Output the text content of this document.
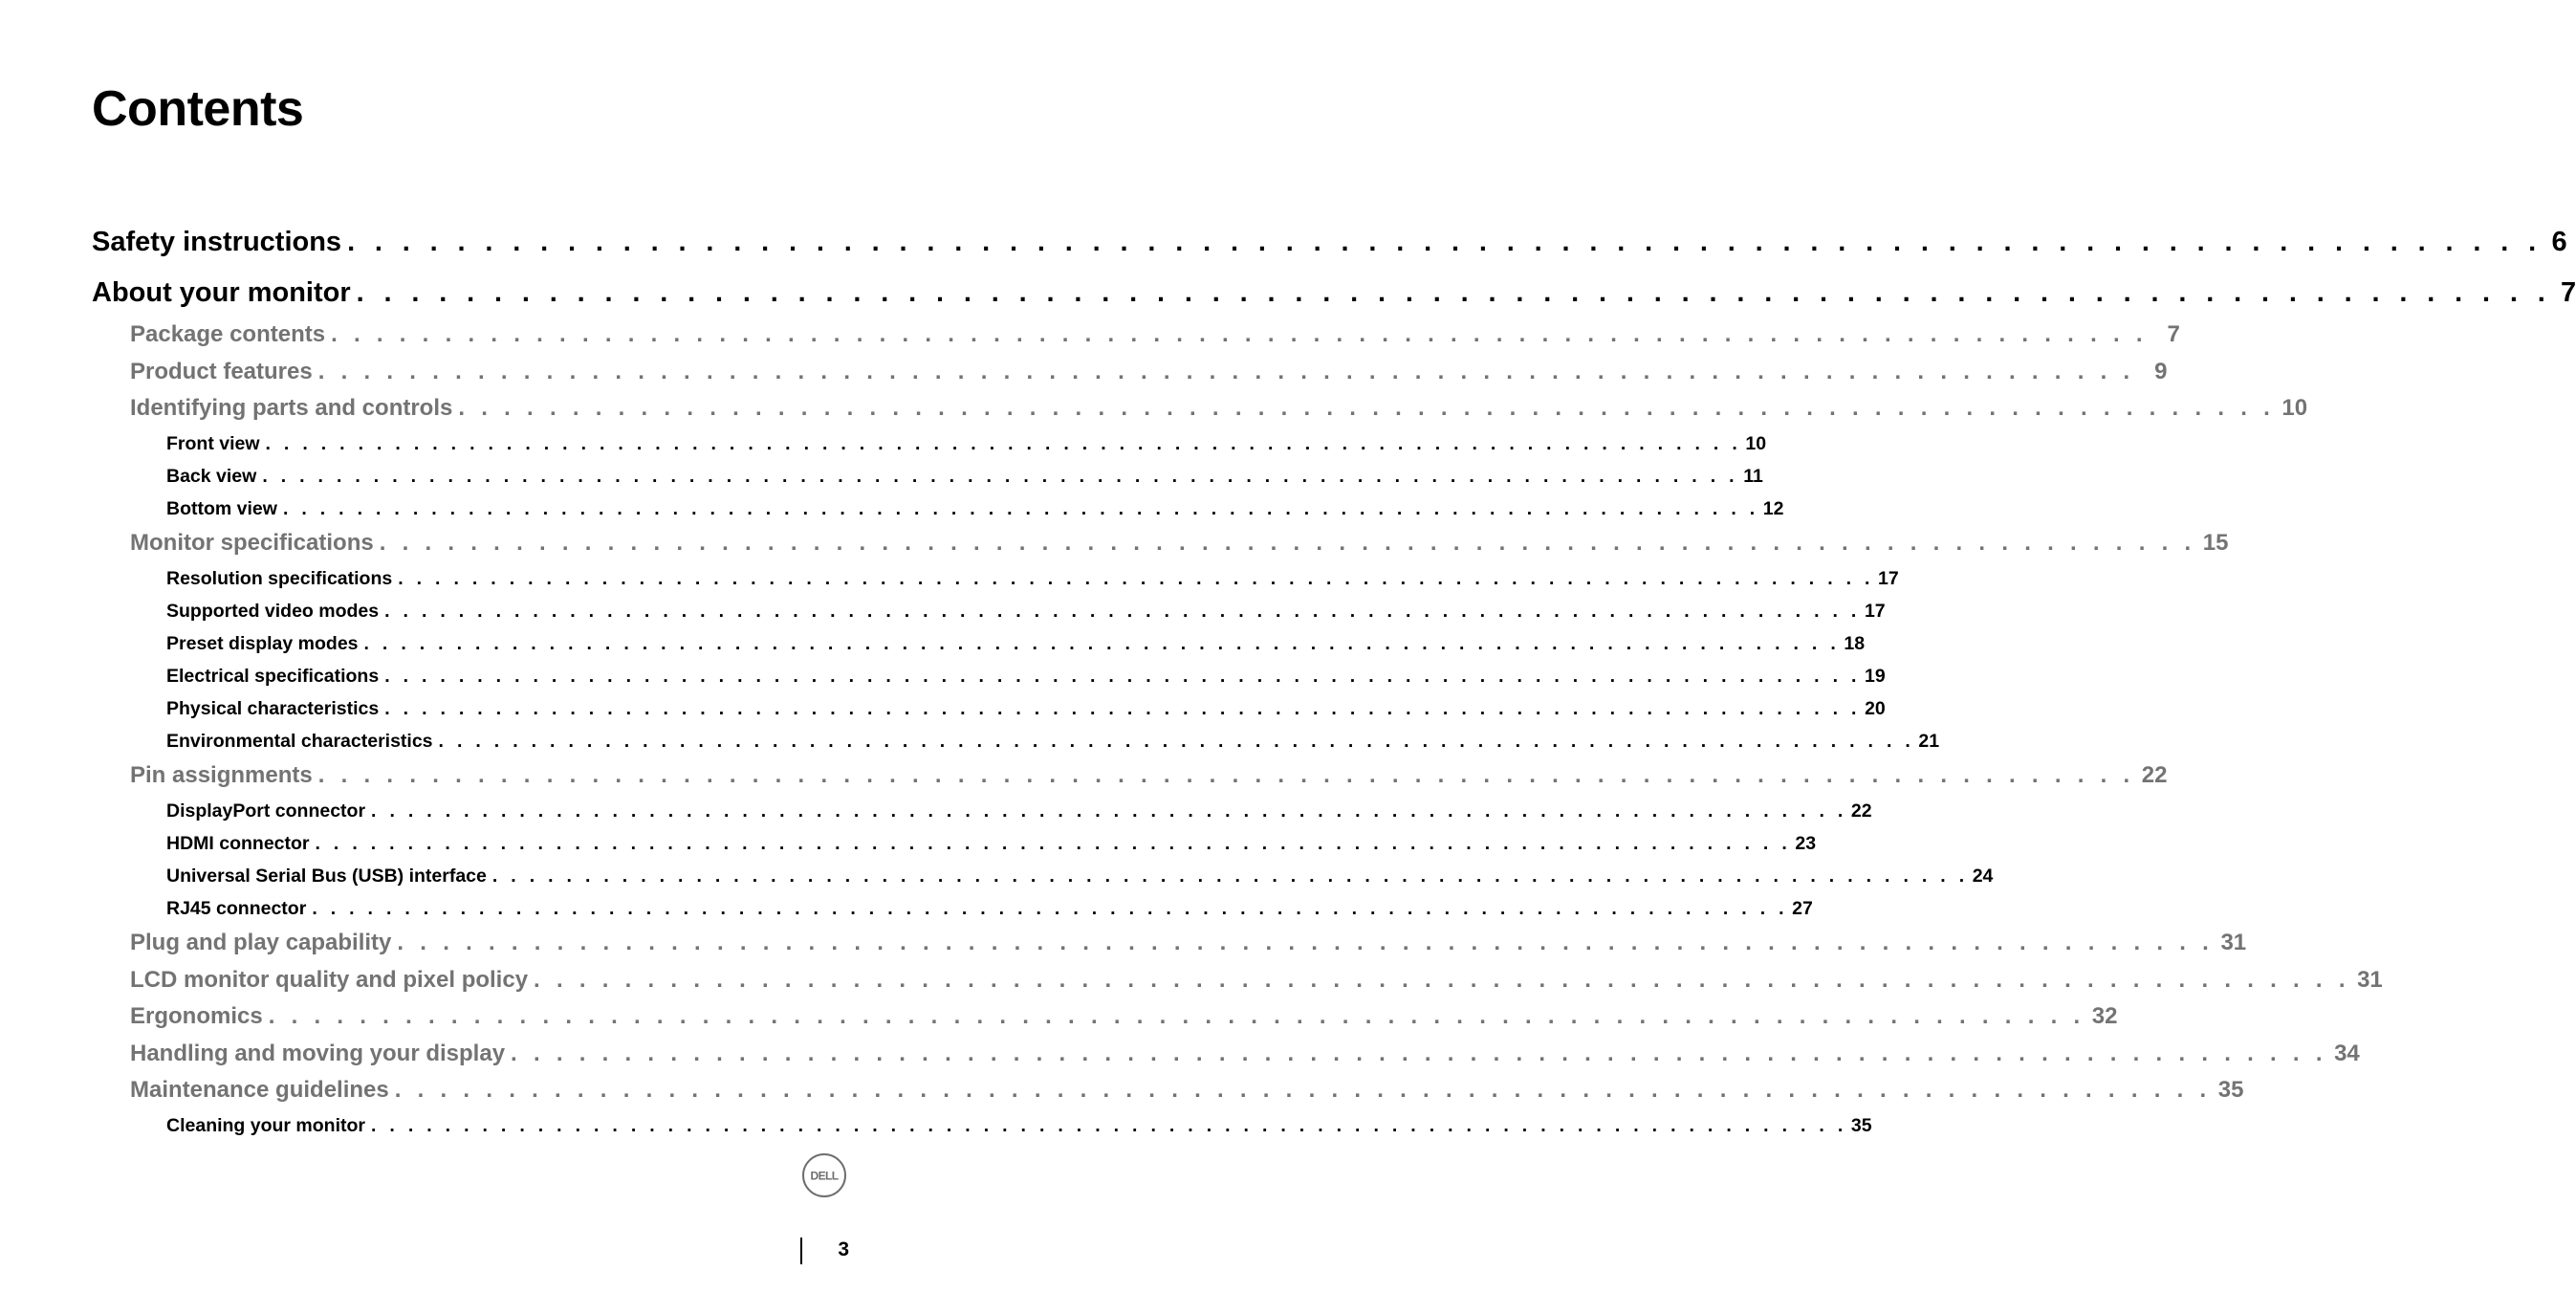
Contents
Safety instructions . . . . . . . . . . . . . . . . . . . . . . . . . . . . . . . . . . . . . . . . . . . . . . . . . . . . . . . . . . . . . . . . . . . . . . . . . . . . . . . . 6
About your monitor . . . . . . . . . . . . . . . . . . . . . . . . . . . . . . . . . . . . . . . . . . . . . . . . . . . . . . . . . . . . . . . . . . . . . . . . . . . . . . . . 7
Package contents . . . . . . . . . . . . . . . . . . . . . . . . . . . . . . . . . . . . . . . . . . . . . . . . . . . . . . . . . . . . . . . . . . . . . . . . . . . . . . . . 7
Product features . . . . . . . . . . . . . . . . . . . . . . . . . . . . . . . . . . . . . . . . . . . . . . . . . . . . . . . . . . . . . . . . . . . . . . . . . . . . . . . . 9
Identifying parts and controls . . . . . . . . . . . . . . . . . . . . . . . . . . . . . . . . . . . . . . . . . . . . . . . . . . . . . . . . . . . . . . . . . . . . . . . . . . . . . . . . 10
Front view . . . . . . . . . . . . . . . . . . . . . . . . . . . . . . . . . . . . . . . . . . . . . . . . . . . . . . . . . . . . . . . . . . . . . . . . . . . . . . . . 10
Back view . . . . . . . . . . . . . . . . . . . . . . . . . . . . . . . . . . . . . . . . . . . . . . . . . . . . . . . . . . . . . . . . . . . . . . . . . . . . . . . . 11
Bottom view . . . . . . . . . . . . . . . . . . . . . . . . . . . . . . . . . . . . . . . . . . . . . . . . . . . . . . . . . . . . . . . . . . . . . . . . . . . . . . . . 12
Monitor specifications . . . . . . . . . . . . . . . . . . . . . . . . . . . . . . . . . . . . . . . . . . . . . . . . . . . . . . . . . . . . . . . . . . . . . . . . . . . . . . . . 15
Resolution specifications . . . . . . . . . . . . . . . . . . . . . . . . . . . . . . . . . . . . . . . . . . . . . . . . . . . . . . . . . . . . . . . . . . . . . . . . . . . . . . . . 17
Supported video modes . . . . . . . . . . . . . . . . . . . . . . . . . . . . . . . . . . . . . . . . . . . . . . . . . . . . . . . . . . . . . . . . . . . . . . . . . . . . . . . . 17
Preset display modes . . . . . . . . . . . . . . . . . . . . . . . . . . . . . . . . . . . . . . . . . . . . . . . . . . . . . . . . . . . . . . . . . . . . . . . . . . . . . . . . 18
Electrical specifications . . . . . . . . . . . . . . . . . . . . . . . . . . . . . . . . . . . . . . . . . . . . . . . . . . . . . . . . . . . . . . . . . . . . . . . . . . . . . . . . 19
Physical characteristics . . . . . . . . . . . . . . . . . . . . . . . . . . . . . . . . . . . . . . . . . . . . . . . . . . . . . . . . . . . . . . . . . . . . . . . . . . . . . . . . 20
Environmental characteristics . . . . . . . . . . . . . . . . . . . . . . . . . . . . . . . . . . . . . . . . . . . . . . . . . . . . . . . . . . . . . . . . . . . . . . . . . . . . . . . . 21
Pin assignments . . . . . . . . . . . . . . . . . . . . . . . . . . . . . . . . . . . . . . . . . . . . . . . . . . . . . . . . . . . . . . . . . . . . . . . . . . . . . . . . 22
DisplayPort connector . . . . . . . . . . . . . . . . . . . . . . . . . . . . . . . . . . . . . . . . . . . . . . . . . . . . . . . . . . . . . . . . . . . . . . . . . . . . . . . . 22
HDMI connector . . . . . . . . . . . . . . . . . . . . . . . . . . . . . . . . . . . . . . . . . . . . . . . . . . . . . . . . . . . . . . . . . . . . . . . . . . . . . . . . 23
Universal Serial Bus (USB) interface . . . . . . . . . . . . . . . . . . . . . . . . . . . . . . . . . . . . . . . . . . . . . . . . . . . . . . . . . . . . . . . . . . . . . . . . . . . . . . . . 24
RJ45 connector . . . . . . . . . . . . . . . . . . . . . . . . . . . . . . . . . . . . . . . . . . . . . . . . . . . . . . . . . . . . . . . . . . . . . . . . . . . . . . . . 27
Plug and play capability . . . . . . . . . . . . . . . . . . . . . . . . . . . . . . . . . . . . . . . . . . . . . . . . . . . . . . . . . . . . . . . . . . . . . . . . . . . . . . . . 31
LCD monitor quality and pixel policy . . . . . . . . . . . . . . . . . . . . . . . . . . . . . . . . . . . . . . . . . . . . . . . . . . . . . . . . . . . . . . . . . . . . . . . . . . . . . . . . 31
Ergonomics . . . . . . . . . . . . . . . . . . . . . . . . . . . . . . . . . . . . . . . . . . . . . . . . . . . . . . . . . . . . . . . . . . . . . . . . . . . . . . . . 32
Handling and moving your display . . . . . . . . . . . . . . . . . . . . . . . . . . . . . . . . . . . . . . . . . . . . . . . . . . . . . . . . . . . . . . . . . . . . . . . . . . . . . . . . 34
Maintenance guidelines . . . . . . . . . . . . . . . . . . . . . . . . . . . . . . . . . . . . . . . . . . . . . . . . . . . . . . . . . . . . . . . . . . . . . . . . . . . . . . . . 35
Cleaning your monitor . . . . . . . . . . . . . . . . . . . . . . . . . . . . . . . . . . . . . . . . . . . . . . . . . . . . . . . . . . . . . . . . . . . . . . . . . . . . . . . . 35
DELL
3
